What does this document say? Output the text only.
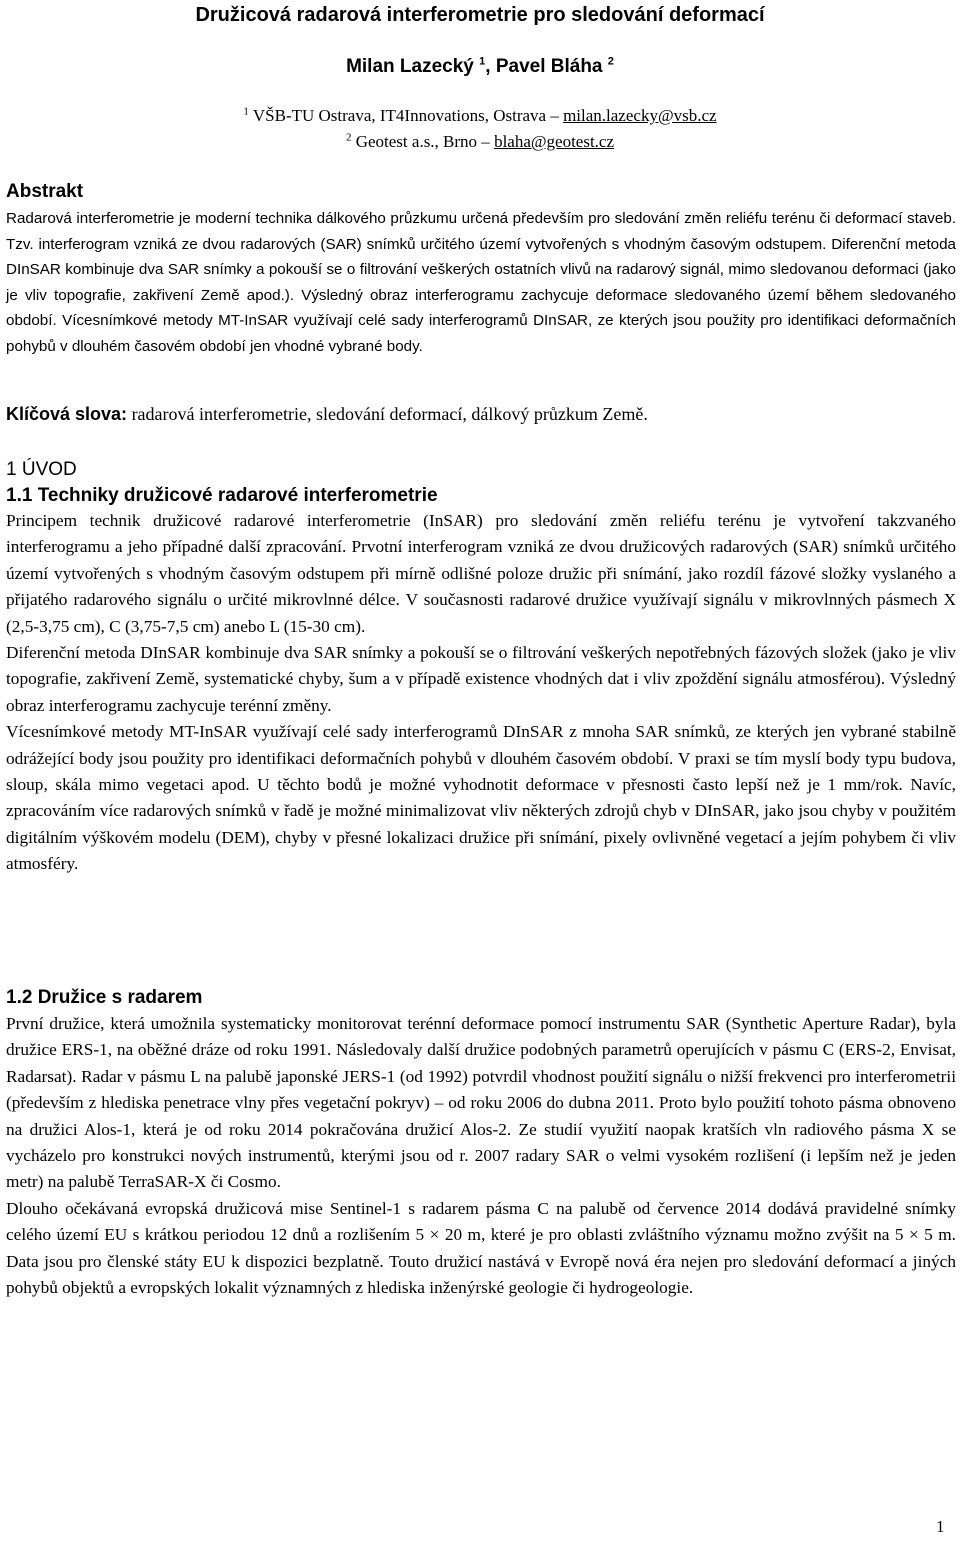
Družicová radarová interferometrie pro sledování deformací
Milan Lazecký $^1$, Pavel Bláha $^2$
$^1$ VŠB-TU Ostrava, IT4Innovations, Ostrava – milan.lazecky@vsb.cz
$^2$ Geotest a.s., Brno – blaha@geotest.cz
Abstrakt

Radarová interferometrie je moderní technika dálkového průzkumu určená především pro sledování změn reliéfu terénu či deformací staveb. Tzv. interferogram vzniká ze dvou radarových (SAR) snímků určitého území vytvořených s vhodným časovým odstupem. Diferenční metoda DInSAR kombinuje dva SAR snímky a pokouší se o filtrování veškerých ostatních vlivů na radarový signál, mimo sledovanou deformaci (jako je vliv topografie, zakřivení Země apod.). Výsledný obraz interferogramu zachycuje deformace sledovaného území během sledovaného období. Vícesnímkové metody MT-InSAR využívají celé sady interferogramů DInSAR, ze kterých jsou použity pro identifikaci deformačních pohybů v dlouhém časovém období jen vhodné vybrané body.

Klíčová slova: radarová interferometrie, sledování deformací, dálkový průzkum Země.

1 ÚVOD
1.1 Techniky družicové radarové interferometrie

Principem technik družicové radarové interferometrie (InSAR) pro sledování změn reliéfu terénu je vytvoření takzvaného interferogramu a jeho případné další zpracování. Prvotní interferogram vzniká ze dvou družicových radarových (SAR) snímků určitého území vytvořených s vhodným časovým odstupem při mírně odlišné poloze družic při snímání, jako rozdíl fázové složky vyslaného a přijatého radarového signálu o určité mikrovlnné délce. V současnosti radarové družice využívají signálu v mikrovlnných pásmech X (2,5-3,75 cm), C (3,75-7,5 cm) anebo L (15-30 cm).
Diferenční metoda DInSAR kombinuje dva SAR snímky a pokouší se o filtrování veškerých nepotřebných fázových složek (jako je vliv topografie, zakřivení Země, systematické chyby, šum a v případě existence vhodných dat i vliv zpoždění signálu atmosférou). Výsledný obraz interferogramu zachycuje terénní změny.
Vícesnímkové metody MT-InSAR využívají celé sady interferogramů DInSAR z mnoha SAR snímků, ze kterých jen vybrané stabilně odrážející body jsou použity pro identifikaci deformačních pohybů v dlouhém časovém období. V praxi se tím myslí body typu budova, sloup, skála mimo vegetaci apod. U těchto bodů je možné vyhodnotit deformace v přesnosti často lepší než je 1 mm/rok. Navíc, zpracováním více radarových snímků v řadě je možné minimalizovat vliv některých zdrojů chyb v DInSAR, jako jsou chyby v použitém digitálním výškovém modelu (DEM), chyby v přesné lokalizaci družice při snímání, pixely ovlivněné vegetací a jejím pohybem či vliv atmosféry.

1.2 Družice s radarem

První družice, která umožnila systematicky monitorovat terénní deformace pomocí instrumentu SAR (Synthetic Aperture Radar), byla družice ERS-1, na oběžné dráze od roku 1991. Následovaly další družice podobných parametrů operujících v pásmu C (ERS-2, Envisat, Radarsat). Radar v pásmu L na palubě japonské JERS-1 (od 1992) potvrdil vhodnost použití signálu o nižší frekvenci pro interferometrii (především z hlediska penetrace vlny přes vegetační pokryv) – od roku 2006 do dubna 2011. Proto bylo použití tohoto pásma obnoveno na družici Alos-1, která je od roku 2014 pokračována družicí Alos-2. Ze studií využití naopak kratších vln radiového pásma X se vycházelo pro konstrukci nových instrumentů, kterými jsou od r. 2007 radary SAR o velmi vysokém rozlišení (i lepším než je jeden metr) na palubě TerraSAR-X či Cosmo.
Dlouho očekávaná evropská družicová mise Sentinel-1 s radarem pásma C na palubě od července 2014 dodává pravidelné snímky celého území EU s krátkou periodou 12 dnů a rozlišením 5 × 20 m, které je pro oblasti zvláštního významu možno zvýšit na 5 × 5 m. Data jsou pro členské státy EU k dispozici bezplatně. Touto družicí nastává v Evropě nová éra nejen pro sledování deformací a jiných pohybů objektů a evropských lokalit významných z hlediska inženýrské geologie či hydrogeologie.

1
